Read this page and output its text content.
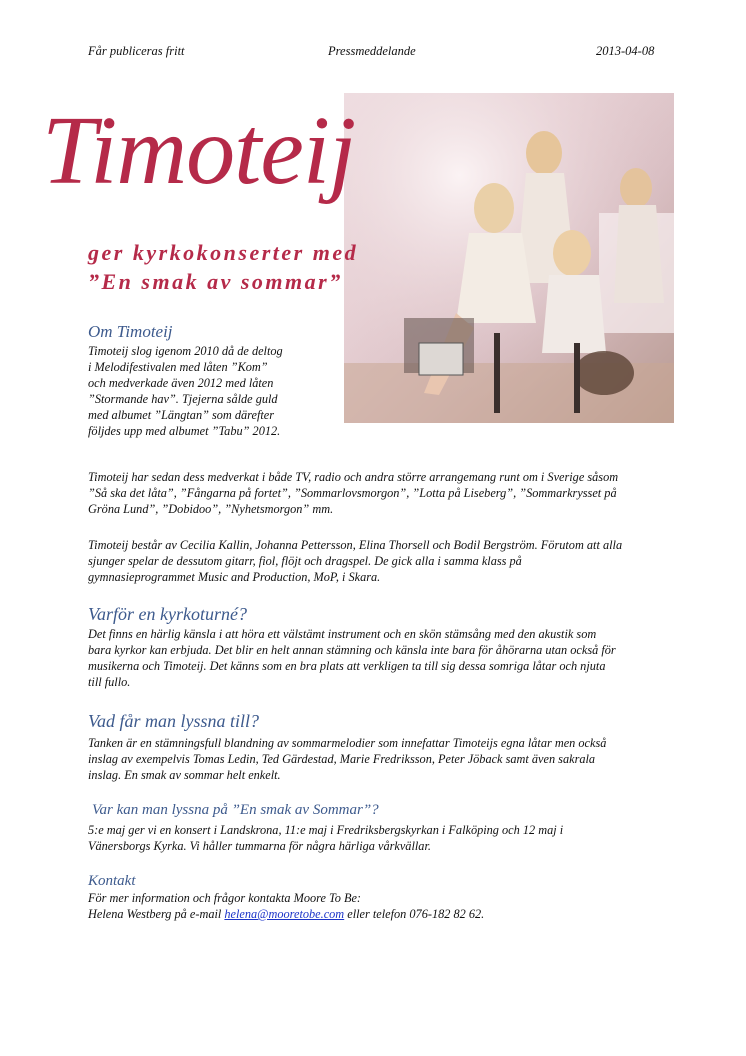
Får publiceras fritt	Pressmeddelande	2013-04-08
Timoteij
ger kyrkokonserter med
”En smak av sommar”
Om Timoteij
Timoteij slog igenom 2010 då de deltog
i Melodifestivalen med låten ”Kom”
och medverkade även 2012 med låten
”Stormande hav”. Tjejerna sålde guld
med albumet ”Längtan” som därefter
följdes upp med albumet ”Tabu” 2012.
Timoteij har sedan dess medverkat i både TV, radio och andra större arrangemang runt om i Sverige såsom
”Så ska det låta”, ”Fångarna på fortet”, ”Sommarlovsmorgon”, ”Lotta på Liseberg”, ”Sommarkrysset på
Gröna Lund”, ”Dobidoo”, ”Nyhetsmorgon” mm.
Timoteij består av Cecilia Kallin, Johanna Pettersson, Elina Thorsell och Bodil Bergström. Förutom att alla
sjunger spelar de dessutom gitarr, fiol, flöjt och dragspel. De gick alla i samma klass på
gymnasieprogrammet Music and Production, MoP, i Skara.
Varför en kyrkoturné?
Det finns en härlig känsla i att höra ett välstämt instrument och en skön stämsång med den akustik som
bara kyrkor kan erbjuda. Det blir en helt annan stämning och känsla inte bara för åhörarna utan också för
musikerna och Timoteij. Det känns som en bra plats att verkligen ta till sig dessa somriga låtar och njuta
till fullo.
Vad får man lyssna till?
Tanken är en stämningsfull blandning av sommarmelodier som innefattar Timoteijs egna låtar men också
inslag av exempelvis Tomas Ledin, Ted Gärdestad, Marie Fredriksson, Peter Jöback samt även sakrala
inslag. En smak av sommar helt enkelt.
Var kan man lyssna på ”En smak av Sommar”?
5:e maj ger vi en konsert i Landskrona, 11:e maj i Fredriksbergskyrkan i Falköping och 12 maj i
Vänersborgs Kyrka. Vi håller tummarna för några härliga vårkvällar.
Kontakt
För mer information och frågor kontakta Moore To Be:
Helena Westberg på e-mail helena@mooretobe.com eller telefon 076-182 82 62.
